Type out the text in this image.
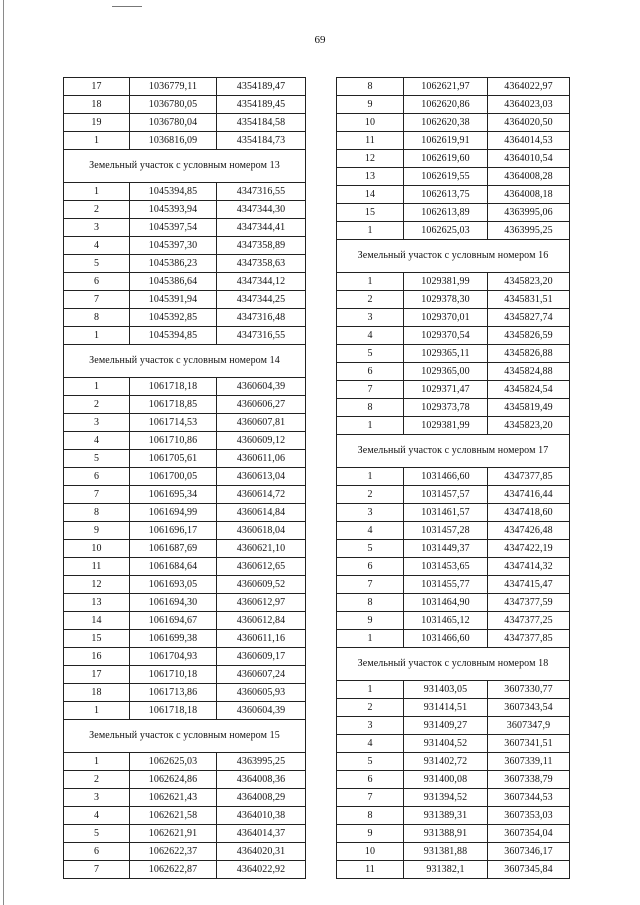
69
17	1036779,11	4354189,47
18	1036780,05	4354189,45
19	1036780,04	4354184,58
1	1036816,09	4354184,73
Земельный участок с условным номером 13		
1	1045394,85	4347316,55
2	1045393,94	4347344,30
3	1045397,54	4347344,41
4	1045397,30	4347358,89
5	1045386,23	4347358,63
6	1045386,64	4347344,12
7	1045391,94	4347344,25
8	1045392,85	4347316,48
1	1045394,85	4347316,55
Земельный участок с условным номером 14		
1	1061718,18	4360604,39
2	1061718,85	4360606,27
3	1061714,53	4360607,81
4	1061710,86	4360609,12
5	1061705,61	4360611,06
6	1061700,05	4360613,04
7	1061695,34	4360614,72
8	1061694,99	4360614,84
9	1061696,17	4360618,04
10	1061687,69	4360621,10
11	1061684,64	4360612,65
12	1061693,05	4360609,52
13	1061694,30	4360612,97
14	1061694,67	4360612,84
15	1061699,38	4360611,16
16	1061704,93	4360609,17
17	1061710,18	4360607,24
18	1061713,86	4360605,93
1	1061718,18	4360604,39
Земельный участок с условным номером 15		
1	1062625,03	4363995,25
2	1062624,86	4364008,36
3	1062621,43	4364008,29
4	1062621,58	4364010,38
5	1062621,91	4364014,37
6	1062622,37	4364020,31
7	1062622,87	4364022,92
8	1062621,97	4364022,97
9	1062620,86	4364023,03
10	1062620,38	4364020,50
11	1062619,91	4364014,53
12	1062619,60	4364010,54
13	1062619,55	4364008,28
14	1062613,75	4364008,18
15	1062613,89	4363995,06
1	1062625,03	4363995,25
Земельный участок с условным номером 16		
1	1029381,99	4345823,20
2	1029378,30	4345831,51
3	1029370,01	4345827,74
4	1029370,54	4345826,59
5	1029365,11	4345826,88
6	1029365,00	4345824,88
7	1029371,47	4345824,54
8	1029373,78	4345819,49
1	1029381,99	4345823,20
Земельный участок с условным номером 17		
1	1031466,60	4347377,85
2	1031457,57	4347416,44
3	1031461,57	4347418,60
4	1031457,28	4347426,48
5	1031449,37	4347422,19
6	1031453,65	4347414,32
7	1031455,77	4347415,47
8	1031464,90	4347377,59
9	1031465,12	4347377,25
1	1031466,60	4347377,85
Земельный участок с условным номером 18		
1	931403,05	3607330,77
2	931414,51	3607343,54
3	931409,27	3607347,9
4	931404,52	3607341,51
5	931402,72	3607339,11
6	931400,08	3607338,79
7	931394,52	3607344,53
8	931389,31	3607353,03
9	931388,91	3607354,04
10	931381,88	3607346,17
11	931382,1	3607345,84
